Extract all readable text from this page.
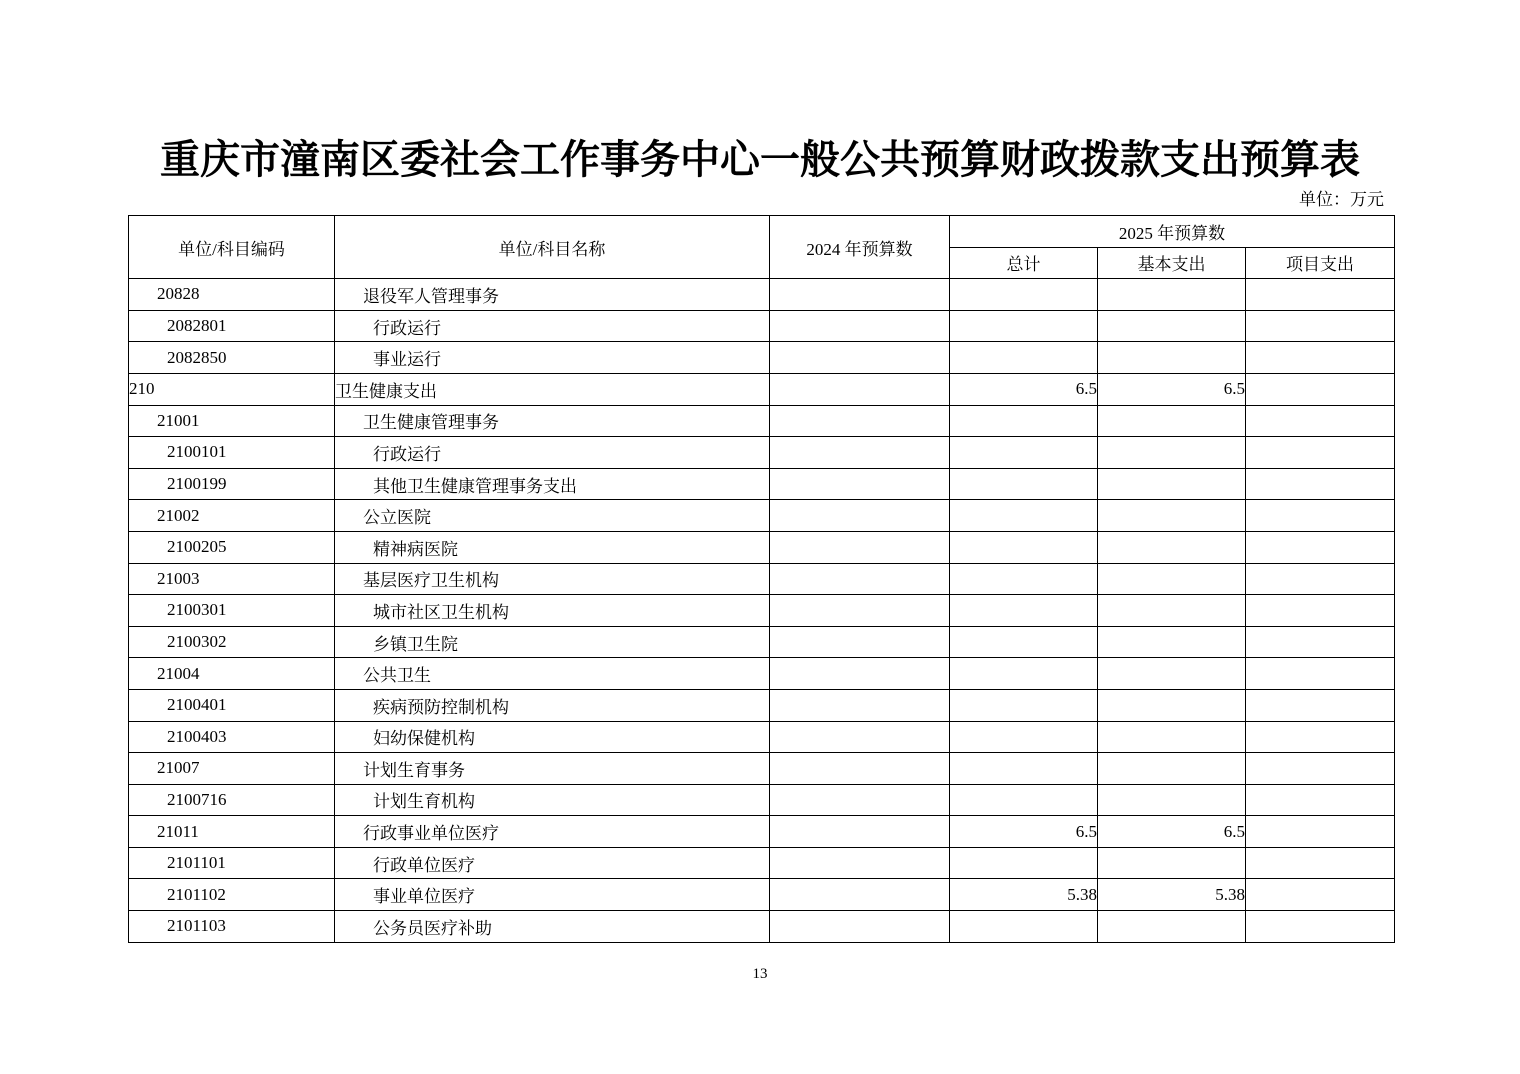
重庆市潼南区委社会工作事务中心一般公共预算财政拨款支出预算表
单位：万元
单位/科目编码	单位/科目名称	2024 年预算数	2025 年预算数		
			总计	基本支出	项目支出
20828	退役军人管理事务				
2082801	行政运行				
2082850	事业运行				
210	卫生健康支出		6.5	6.5	
21001	卫生健康管理事务				
2100101	行政运行				
2100199	其他卫生健康管理事务支出				
21002	公立医院				
2100205	精神病医院				
21003	基层医疗卫生机构				
2100301	城市社区卫生机构				
2100302	乡镇卫生院				
21004	公共卫生				
2100401	疾病预防控制机构				
2100403	妇幼保健机构				
21007	计划生育事务				
2100716	计划生育机构				
21011	行政事业单位医疗		6.5	6.5	
2101101	行政单位医疗				
2101102	事业单位医疗		5.38	5.38	
2101103	公务员医疗补助				
13
